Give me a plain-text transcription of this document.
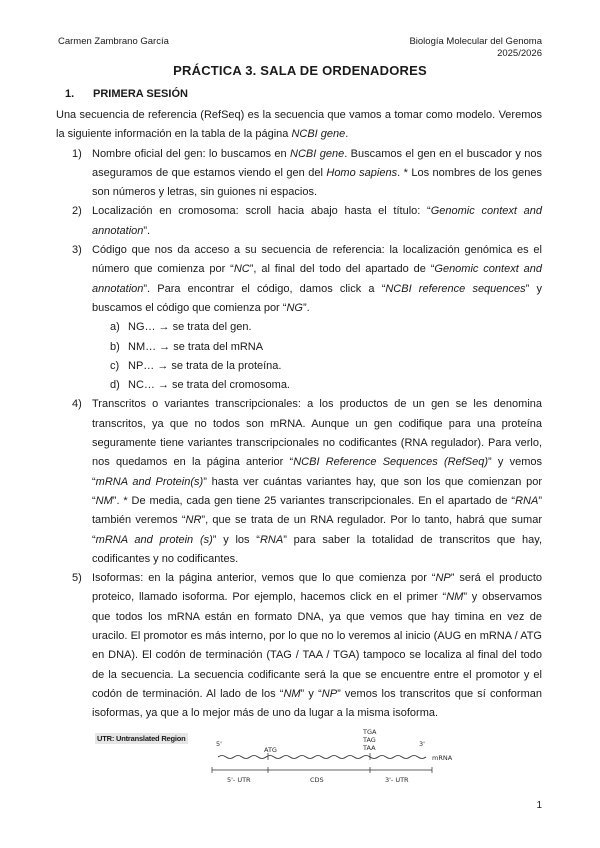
Carmen Zambrano García	Biología Molecular del Genoma
2025/2026
PRÁCTICA 3. SALA DE ORDENADORES
1. PRIMERA SESIÓN

Una secuencia de referencia (RefSeq) es la secuencia que vamos a tomar como modelo. Veremos la siguiente información en la tabla de la página NCBI gene.

1) Nombre oficial del gen: lo buscamos en NCBI gene. Buscamos el gen en el buscador y nos aseguramos de que estamos viendo el gen del Homo sapiens. * Los nombres de los genes son números y letras, sin guiones ni espacios.
2) Localización en cromosoma: scroll hacia abajo hasta el título: “Genomic context and annotation”.
3) Código que nos da acceso a su secuencia de referencia: la localización genómica es el número que comienza por “NC”, al final del todo del apartado de “Genomic context and annotation”. Para encontrar el código, damos click a “NCBI reference sequences” y buscamos el código que comienza por “NG”.
a) NG… → se trata del gen.
b) NM… → se trata del mRNA
c) NP… → se trata de la proteína.
d) NC… → se trata del cromosoma.
4) Transcritos o variantes transcripcionales: a los productos de un gen se les denomina transcritos, ya que no todos son mRNA. Aunque un gen codifique para una proteína seguramente tiene variantes transcripcionales no codificantes (RNA regulador). Para verlo, nos quedamos en la página anterior “NCBI Reference Sequences (RefSeq)” y vemos “mRNA and Protein(s)” hasta ver cuántas variantes hay, que son los que comienzan por “NM”. * De media, cada gen tiene 25 variantes transcripcionales. En el apartado de “RNA” también veremos “NR”, que se trata de un RNA regulador. Por lo tanto, habrá que sumar “mRNA and protein (s)” y los “RNA” para saber la totalidad de transcritos que hay, codificantes y no codificantes.
5) Isoformas: en la página anterior, vemos que lo que comienza por “NP” será el producto proteico, llamado isoforma. Por ejemplo, hacemos click en el primer “NM” y observamos que todos los mRNA están en formato DNA, ya que vemos que hay timina en vez de uracilo. El promotor es más interno, por lo que no lo veremos al inicio (AUG en mRNA / ATG en DNA). El codón de terminación (TAG / TAA / TGA) tampoco se localiza al final del todo de la secuencia. La secuencia codificante será la que se encuentre entre el promotor y el codón de terminación. Al lado de los “NM” y “NP” vemos los transcritos que sí conforman isoformas, ya que a lo mejor más de uno da lugar a la misma isoforma.
UTR: Untranslated Region
5'
ATG
TGA
TAG
TAA	3'
mRNA
5'- UTR	CDS	3'- UTR
1
